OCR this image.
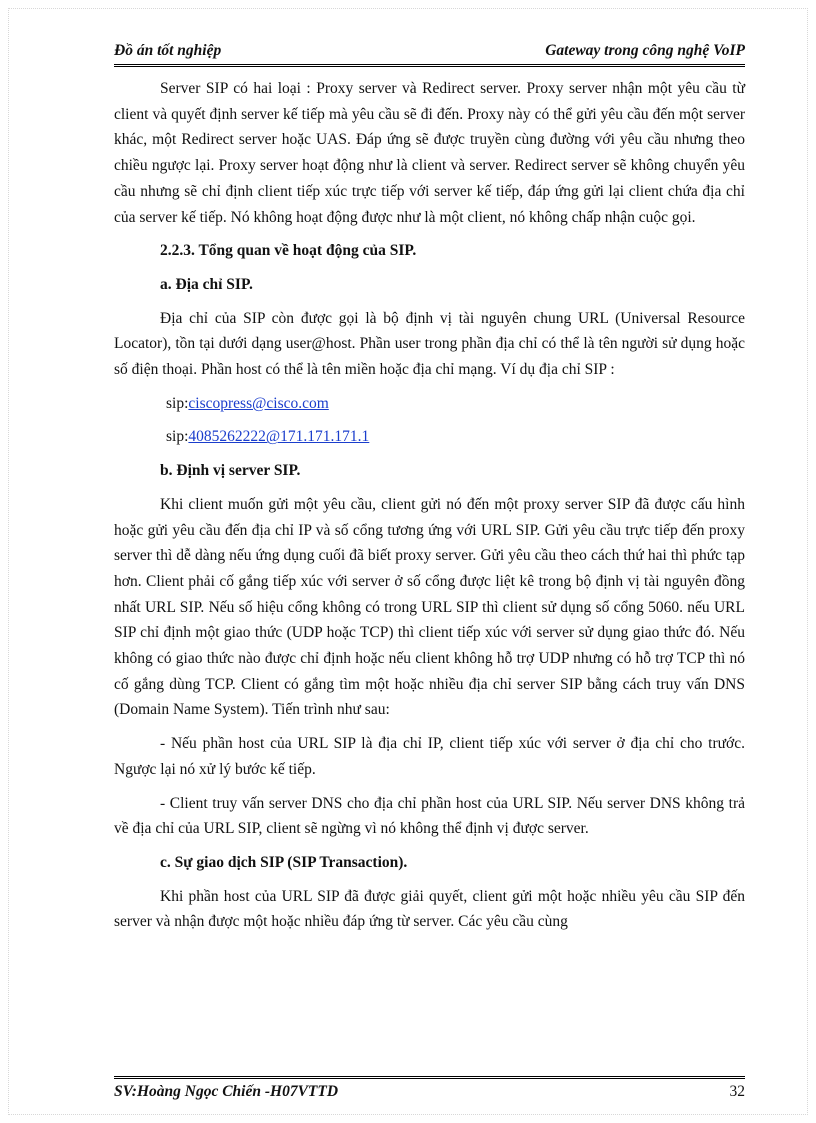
Đồ án tốt nghiệp	Gateway trong công nghệ VoIP

Server SIP có hai loại : Proxy server và Redirect server. Proxy server nhận một yêu cầu từ client và quyết định server kế tiếp mà yêu cầu sẽ đi đến. Proxy này có thể gửi yêu cầu đến một server khác, một Redirect server hoặc UAS. Đáp ứng sẽ được truyền cùng đường với yêu cầu nhưng theo chiều ngược lại. Proxy server hoạt động như là client và server. Redirect server sẽ không chuyển yêu cầu nhưng sẽ chỉ định client tiếp xúc trực tiếp với server kế tiếp, đáp ứng gửi lại client chứa địa chỉ của server kế tiếp. Nó không hoạt động được như là một client, nó không chấp nhận cuộc gọi.

2.2.3. Tổng quan về hoạt động của SIP.

a. Địa chỉ SIP.

Địa chỉ của SIP còn được gọi là bộ định vị tài nguyên chung URL (Universal Resource Locator), tồn tại dưới dạng user@host. Phần user trong phần địa chỉ có thể là tên người sử dụng hoặc số điện thoại. Phần host có thể là tên miền hoặc địa chỉ mạng. Ví dụ địa chỉ SIP :

sip:ciscopress@cisco.com

sip:4085262222@171.171.171.1

b. Định vị server SIP.

Khi client muốn gửi một yêu cầu, client gửi nó đến một proxy server SIP đã được cấu hình hoặc gửi yêu cầu đến địa chỉ IP và số cổng tương ứng với URL SIP. Gửi yêu cầu trực tiếp đến proxy server thì dễ dàng nếu ứng dụng cuối đã biết proxy server. Gửi yêu cầu theo cách thứ hai thì phức tạp hơn. Client phải cố gắng tiếp xúc với server ở số cổng được liệt kê trong bộ định vị tài nguyên đồng nhất URL SIP. Nếu số hiệu cổng không có trong URL SIP thì client sử dụng số cổng 5060. nếu URL SIP chỉ định một giao thức (UDP hoặc TCP) thì client tiếp xúc với server sử dụng giao thức đó. Nếu không có giao thức nào được chỉ định hoặc nếu client không hỗ trợ UDP nhưng có hỗ trợ TCP thì nó cố gắng dùng TCP. Client có gắng tìm một hoặc nhiều địa chỉ server SIP bằng cách truy vấn DNS (Domain Name System). Tiến trình như sau:

- Nếu phần host của URL SIP là địa chỉ IP, client tiếp xúc với server ở địa chỉ cho trước. Ngược lại nó xử lý bước kế tiếp.

- Client truy vấn server DNS cho địa chỉ phần host của URL SIP. Nếu server DNS không trả về địa chỉ của URL SIP, client sẽ ngừng vì nó không thể định vị được server.

c. Sự giao dịch SIP (SIP Transaction).

Khi phần host của URL SIP đã được giải quyết, client gửi một hoặc nhiều yêu cầu SIP đến server và nhận được một hoặc nhiều đáp ứng từ server. Các yêu cầu cùng

SV:Hoàng Ngọc Chiến -H07VTTD	32
